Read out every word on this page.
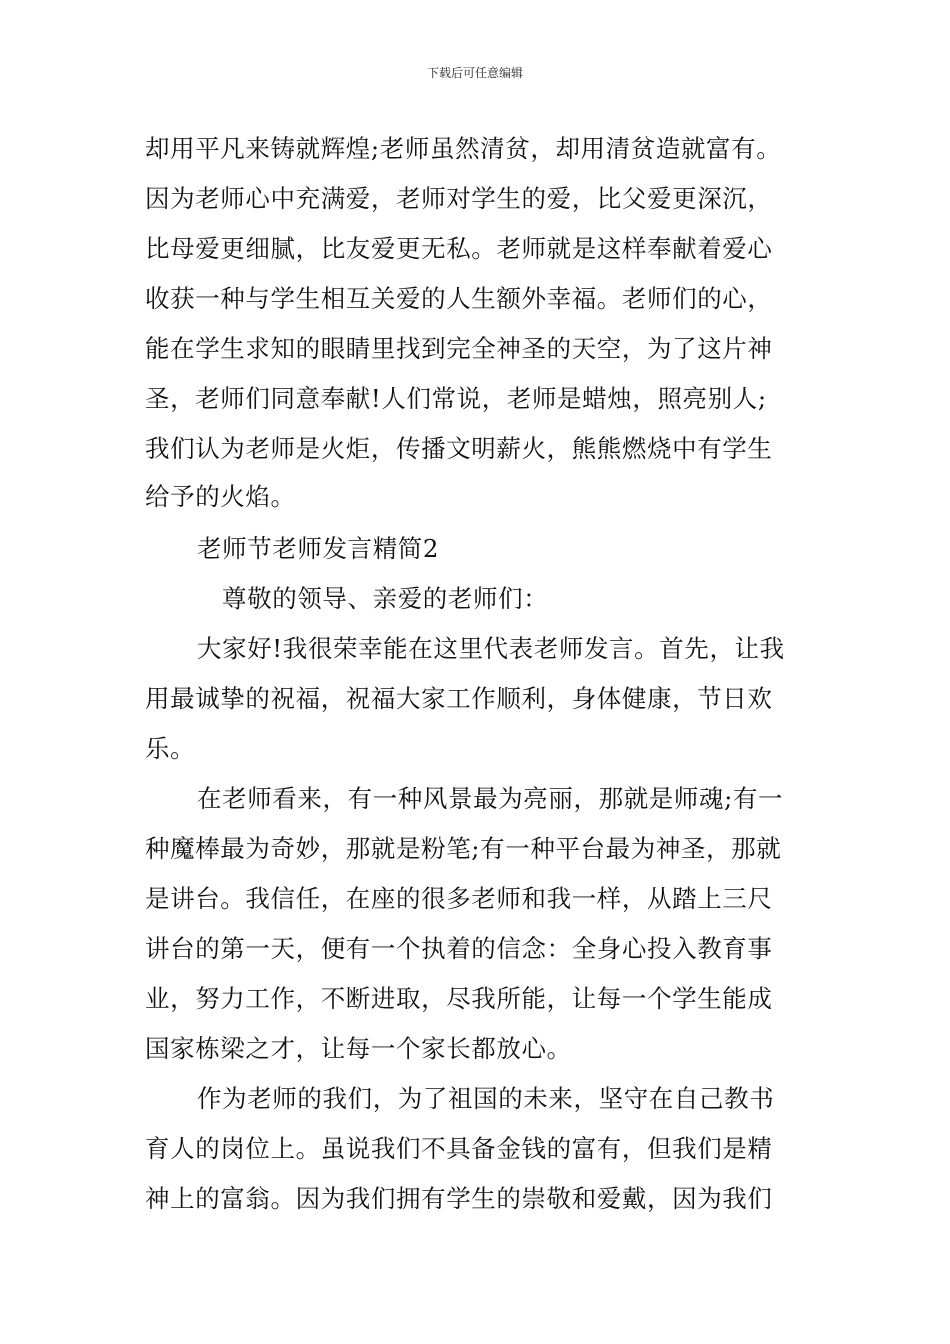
下载后可任意编辑
却用平凡来铸就辉煌;老师虽然清贫，却用清贫造就富有。
因为老师心中充满爱，老师对学生的爱，比父爱更深沉，
比母爱更细腻，比友爱更无私。老师就是这样奉献着爱心
收获一种与学生相互关爱的人生额外幸福。老师们的心，
能在学生求知的眼睛里找到完全神圣的天空，为了这片神
圣，老师们同意奉献!人们常说，老师是蜡烛，照亮别人;
我们认为老师是火炬，传播文明薪火，熊熊燃烧中有学生
给予的火焰。
老师节老师发言精简2
尊敬的领导、亲爱的老师们：
大家好!我很荣幸能在这里代表老师发言。首先，让我
用最诚挚的祝福，祝福大家工作顺利，身体健康，节日欢
乐。
在老师看来，有一种风景最为亮丽，那就是师魂;有一
种魔棒最为奇妙，那就是粉笔;有一种平台最为神圣，那就
是讲台。我信任，在座的很多老师和我一样，从踏上三尺
讲台的第一天，便有一个执着的信念：全身心投入教育事
业，努力工作，不断进取，尽我所能，让每一个学生能成
国家栋梁之才，让每一个家长都放心。
作为老师的我们，为了祖国的未来，坚守在自己教书
育人的岗位上。虽说我们不具备金钱的富有，但我们是精
神上的富翁。因为我们拥有学生的崇敬和爱戴，因为我们
